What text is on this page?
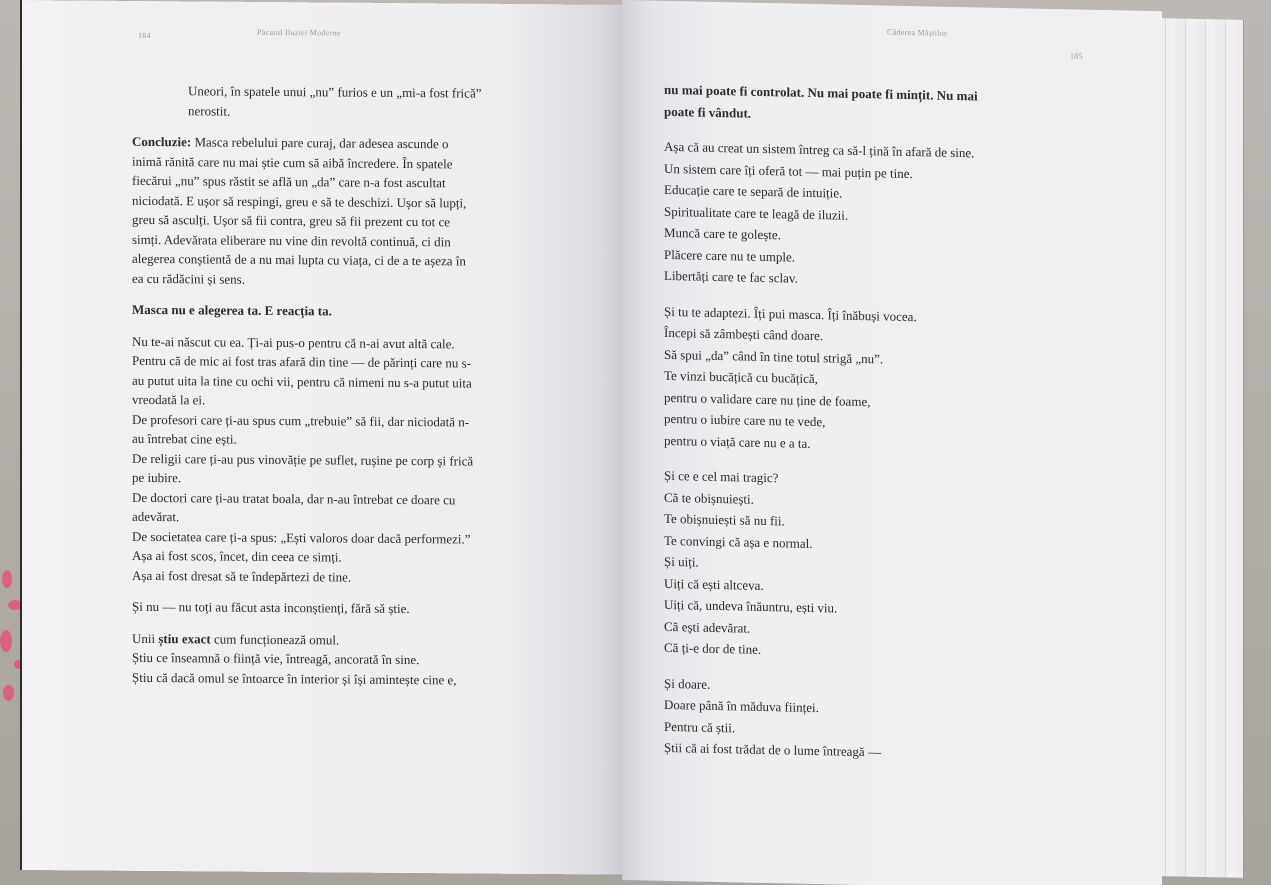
184	Păcatul Iluziei Moderne

Uneori, în spatele unui „nu” furios e un „mi-a fost frică”

nerostit.

Concluzie: Masca rebelului pare curaj, dar adesea ascunde o

inimă rănită care nu mai știe cum să aibă încredere. În spatele

fiecărui „nu” spus răstit se află un „da” care n-a fost ascultat

niciodată. E ușor să respingi, greu e să te deschizi. Ușor să lupți,

greu să asculți. Ușor să fii contra, greu să fii prezent cu tot ce

simți. Adevărata eliberare nu vine din revoltă continuă, ci din

alegerea conștientă de a nu mai lupta cu viața, ci de a te așeza în

ea cu rădăcini și sens.

Masca nu e alegerea ta. E reacția ta.

Nu te-ai născut cu ea. Ți-ai pus-o pentru că n-ai avut altă cale.

Pentru că de mic ai fost tras afară din tine — de părinți care nu s-

au putut uita la tine cu ochi vii, pentru că nimeni nu s-a putut uita

vreodată la ei.

De profesori care ți-au spus cum „trebuie” să fii, dar niciodată n-

au întrebat cine ești.

De religii care ți-au pus vinovăție pe suflet, rușine pe corp și frică

pe iubire.

De doctori care ți-au tratat boala, dar n-au întrebat ce doare cu

adevărat.

De societatea care ți-a spus: „Ești valoros doar dacă performezi.”

Așa ai fost scos, încet, din ceea ce simți.

Așa ai fost dresat să te îndepărtezi de tine.

Și nu — nu toți au făcut asta inconștienți, fără să știe.

Unii știu exact cum funcționează omul.

Știu ce înseamnă o ființă vie, întreagă, ancorată în sine.

Știu că dacă omul se întoarce în interior și își amintește cine e,

Căderea Măștilor
185

nu mai poate fi controlat. Nu mai poate fi mințit. Nu mai

poate fi vândut.

Așa că au creat un sistem întreg ca să-l țină în afară de sine.

Un sistem care îți oferă tot — mai puțin pe tine.

Educație care te separă de intuiție.

Spiritualitate care te leagă de iluzii.

Muncă care te golește.

Plăcere care nu te umple.

Libertăți care te fac sclav.

Și tu te adaptezi. Îți pui masca. Îți înăbuși vocea.

Începi să zâmbești când doare.

Să spui „da” când în tine totul strigă „nu”.

Te vinzi bucățică cu bucățică,

pentru o validare care nu ține de foame,

pentru o iubire care nu te vede,

pentru o viață care nu e a ta.

Și ce e cel mai tragic?

Că te obișnuiești.

Te obișnuiești să nu fii.

Te convingi că așa e normal.

Și uiți.

Uiți că ești altceva.

Uiți că, undeva înăuntru, ești viu.

Că ești adevărat.

Că ți-e dor de tine.

Și doare.

Doare până în măduva ființei.

Pentru că știi.

Știi că ai fost trădat de o lume întreagă —
